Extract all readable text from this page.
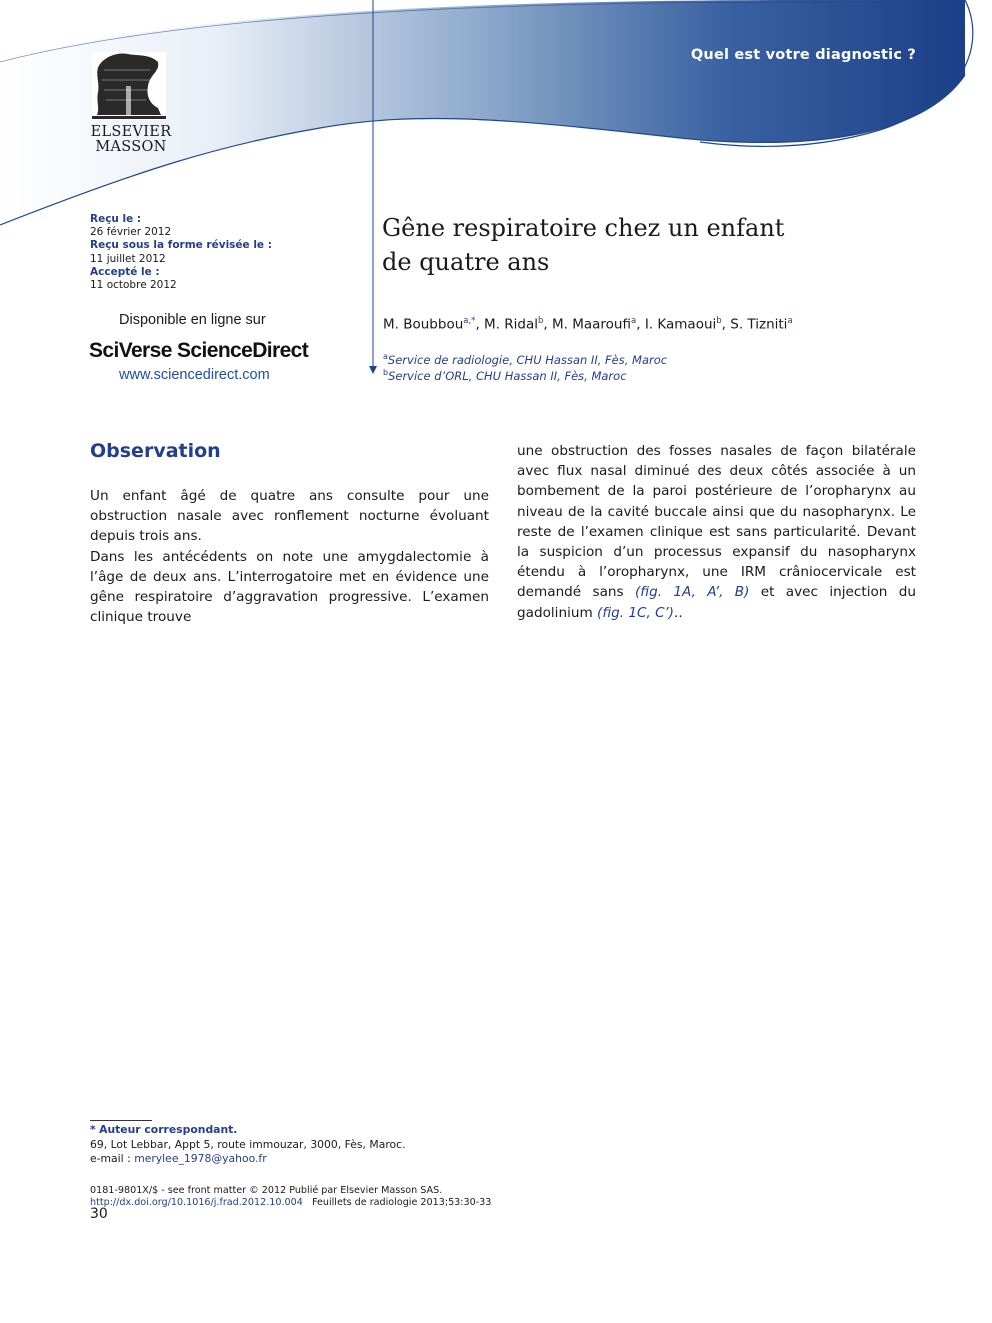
Quel est votre diagnostic ?
ELSEVIER
MASSON
Reçu le :
26 février 2012
Reçu sous la forme révisée le :
11 juillet 2012
Accepté le :
11 octobre 2012
Disponible en ligne sur
SciVerse ScienceDirect
www.sciencedirect.com
Gêne respiratoire chez un enfant
de quatre ans
M. Boubbou$^{a,*}$, M. Ridal$^b$, M. Maaroufi$^a$, I. Kamaoui$^b$, S. Tizniti$^a$
$^a$Service de radiologie, CHU Hassan II, Fès, Maroc
$^b$Service d’ORL, CHU Hassan II, Fès, Maroc
Observation

Un enfant âgé de quatre ans consulte pour une obstruction nasale avec ronflement nocturne évoluant depuis trois ans.

Dans les antécédents on note une amygdalectomie à l’âge de deux ans. L’interrogatoire met en évidence une gêne respiratoire d’aggravation progressive. L’examen clinique trouve

une obstruction des fosses nasales de façon bilatérale avec flux nasal diminué des deux côtés associée à un bombement de la paroi postérieure de l’oropharynx au niveau de la cavité buccale ainsi que du nasopharynx. Le reste de l’examen clinique est sans particularité. Devant la suspicion d’un processus expansif du nasopharynx étendu à l’oropharynx, une IRM crâniocervicale est demandé sans (fig. 1A, A’, B) et avec injection du gadolinium (fig. 1C, C’)..

* Auteur correspondant.
69, Lot Lebbar, Appt 5, route immouzar, 3000, Fès, Maroc.
e-mail : merylee_1978@yahoo.fr
0181-9801X/$ - see front matter © 2012 Publié par Elsevier Masson SAS.
http://dx.doi.org/10.1016/j.frad.2012.10.004 Feuillets de radiologie 2013;53:30-33
30
